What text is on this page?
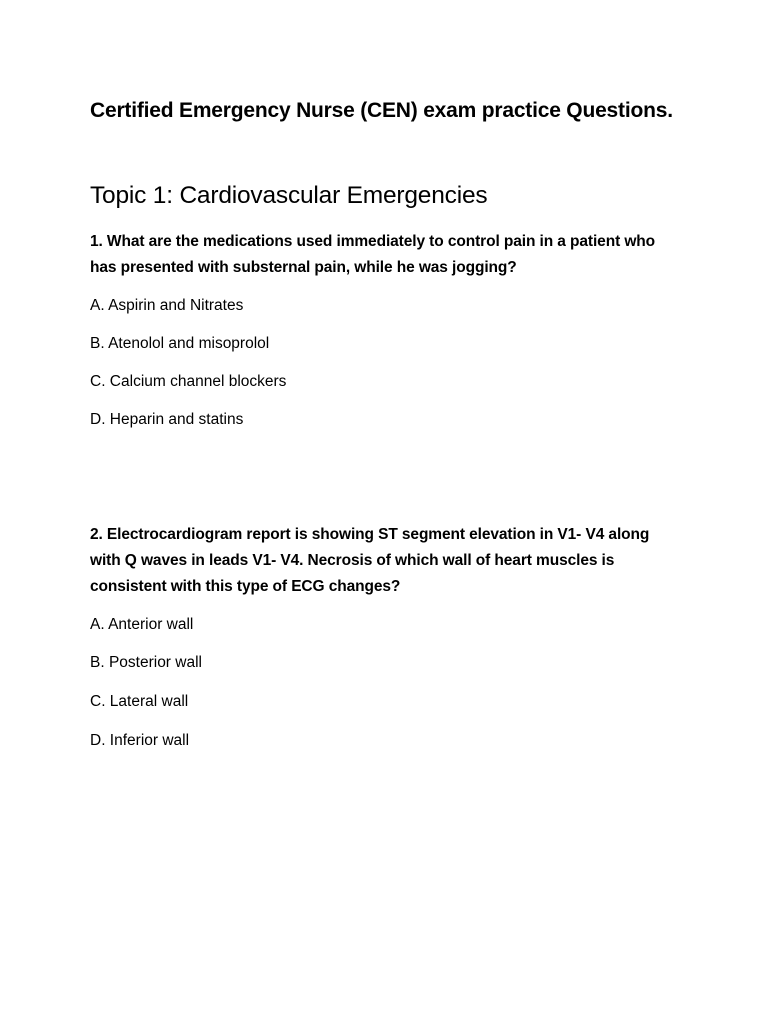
Certified Emergency Nurse (CEN) exam practice Questions.
Topic 1: Cardiovascular Emergencies

1. What are the medications used immediately to control pain in a patient who has presented with substernal pain, while he was jogging?

A. Aspirin and Nitrates

B. Atenolol and misoprolol

C. Calcium channel blockers

D. Heparin and statins

2. Electrocardiogram report is showing ST segment elevation in V1- V4 along with Q waves in leads V1- V4. Necrosis of which wall of heart muscles is consistent with this type of ECG changes?

A. Anterior wall

B. Posterior wall

C. Lateral wall

D. Inferior wall
